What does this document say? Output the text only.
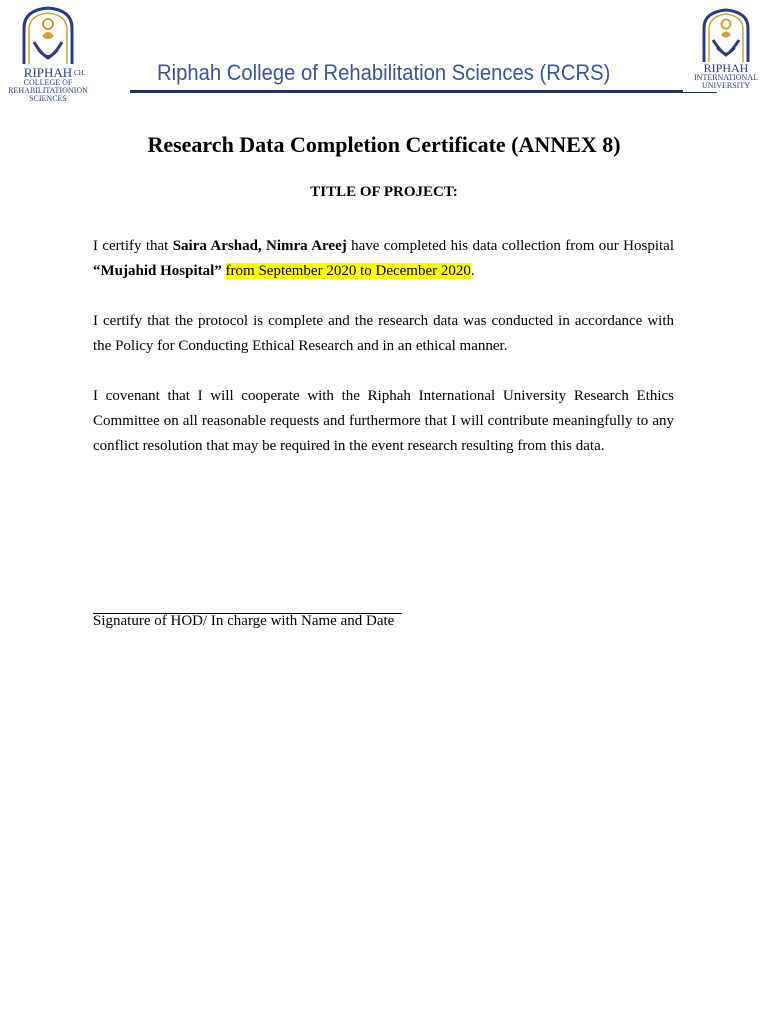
RIPHAH
COLLEGE OF
REHABILITATIONION
SCIENCES
CH.	RIPHAH
INTERNATIONAL
UNIVERSITY
Riphah College of Rehabilitation Sciences (RCRS)
Research Data Completion Certificate (ANNEX 8)
TITLE OF PROJECT:
I certify that Saira Arshad, Nimra Areej have completed his data collection from our Hospital “Mujahid Hospital” from September 2020 to December 2020.
I certify that the protocol is complete and the research data was conducted in accordance with the Policy for Conducting Ethical Research and in an ethical manner.
I covenant that I will cooperate with the Riphah International University Research Ethics Committee on all reasonable requests and furthermore that I will contribute meaningfully to any conflict resolution that may be required in the event research resulting from this data.
Signature of HOD/ In charge with Name and Date
